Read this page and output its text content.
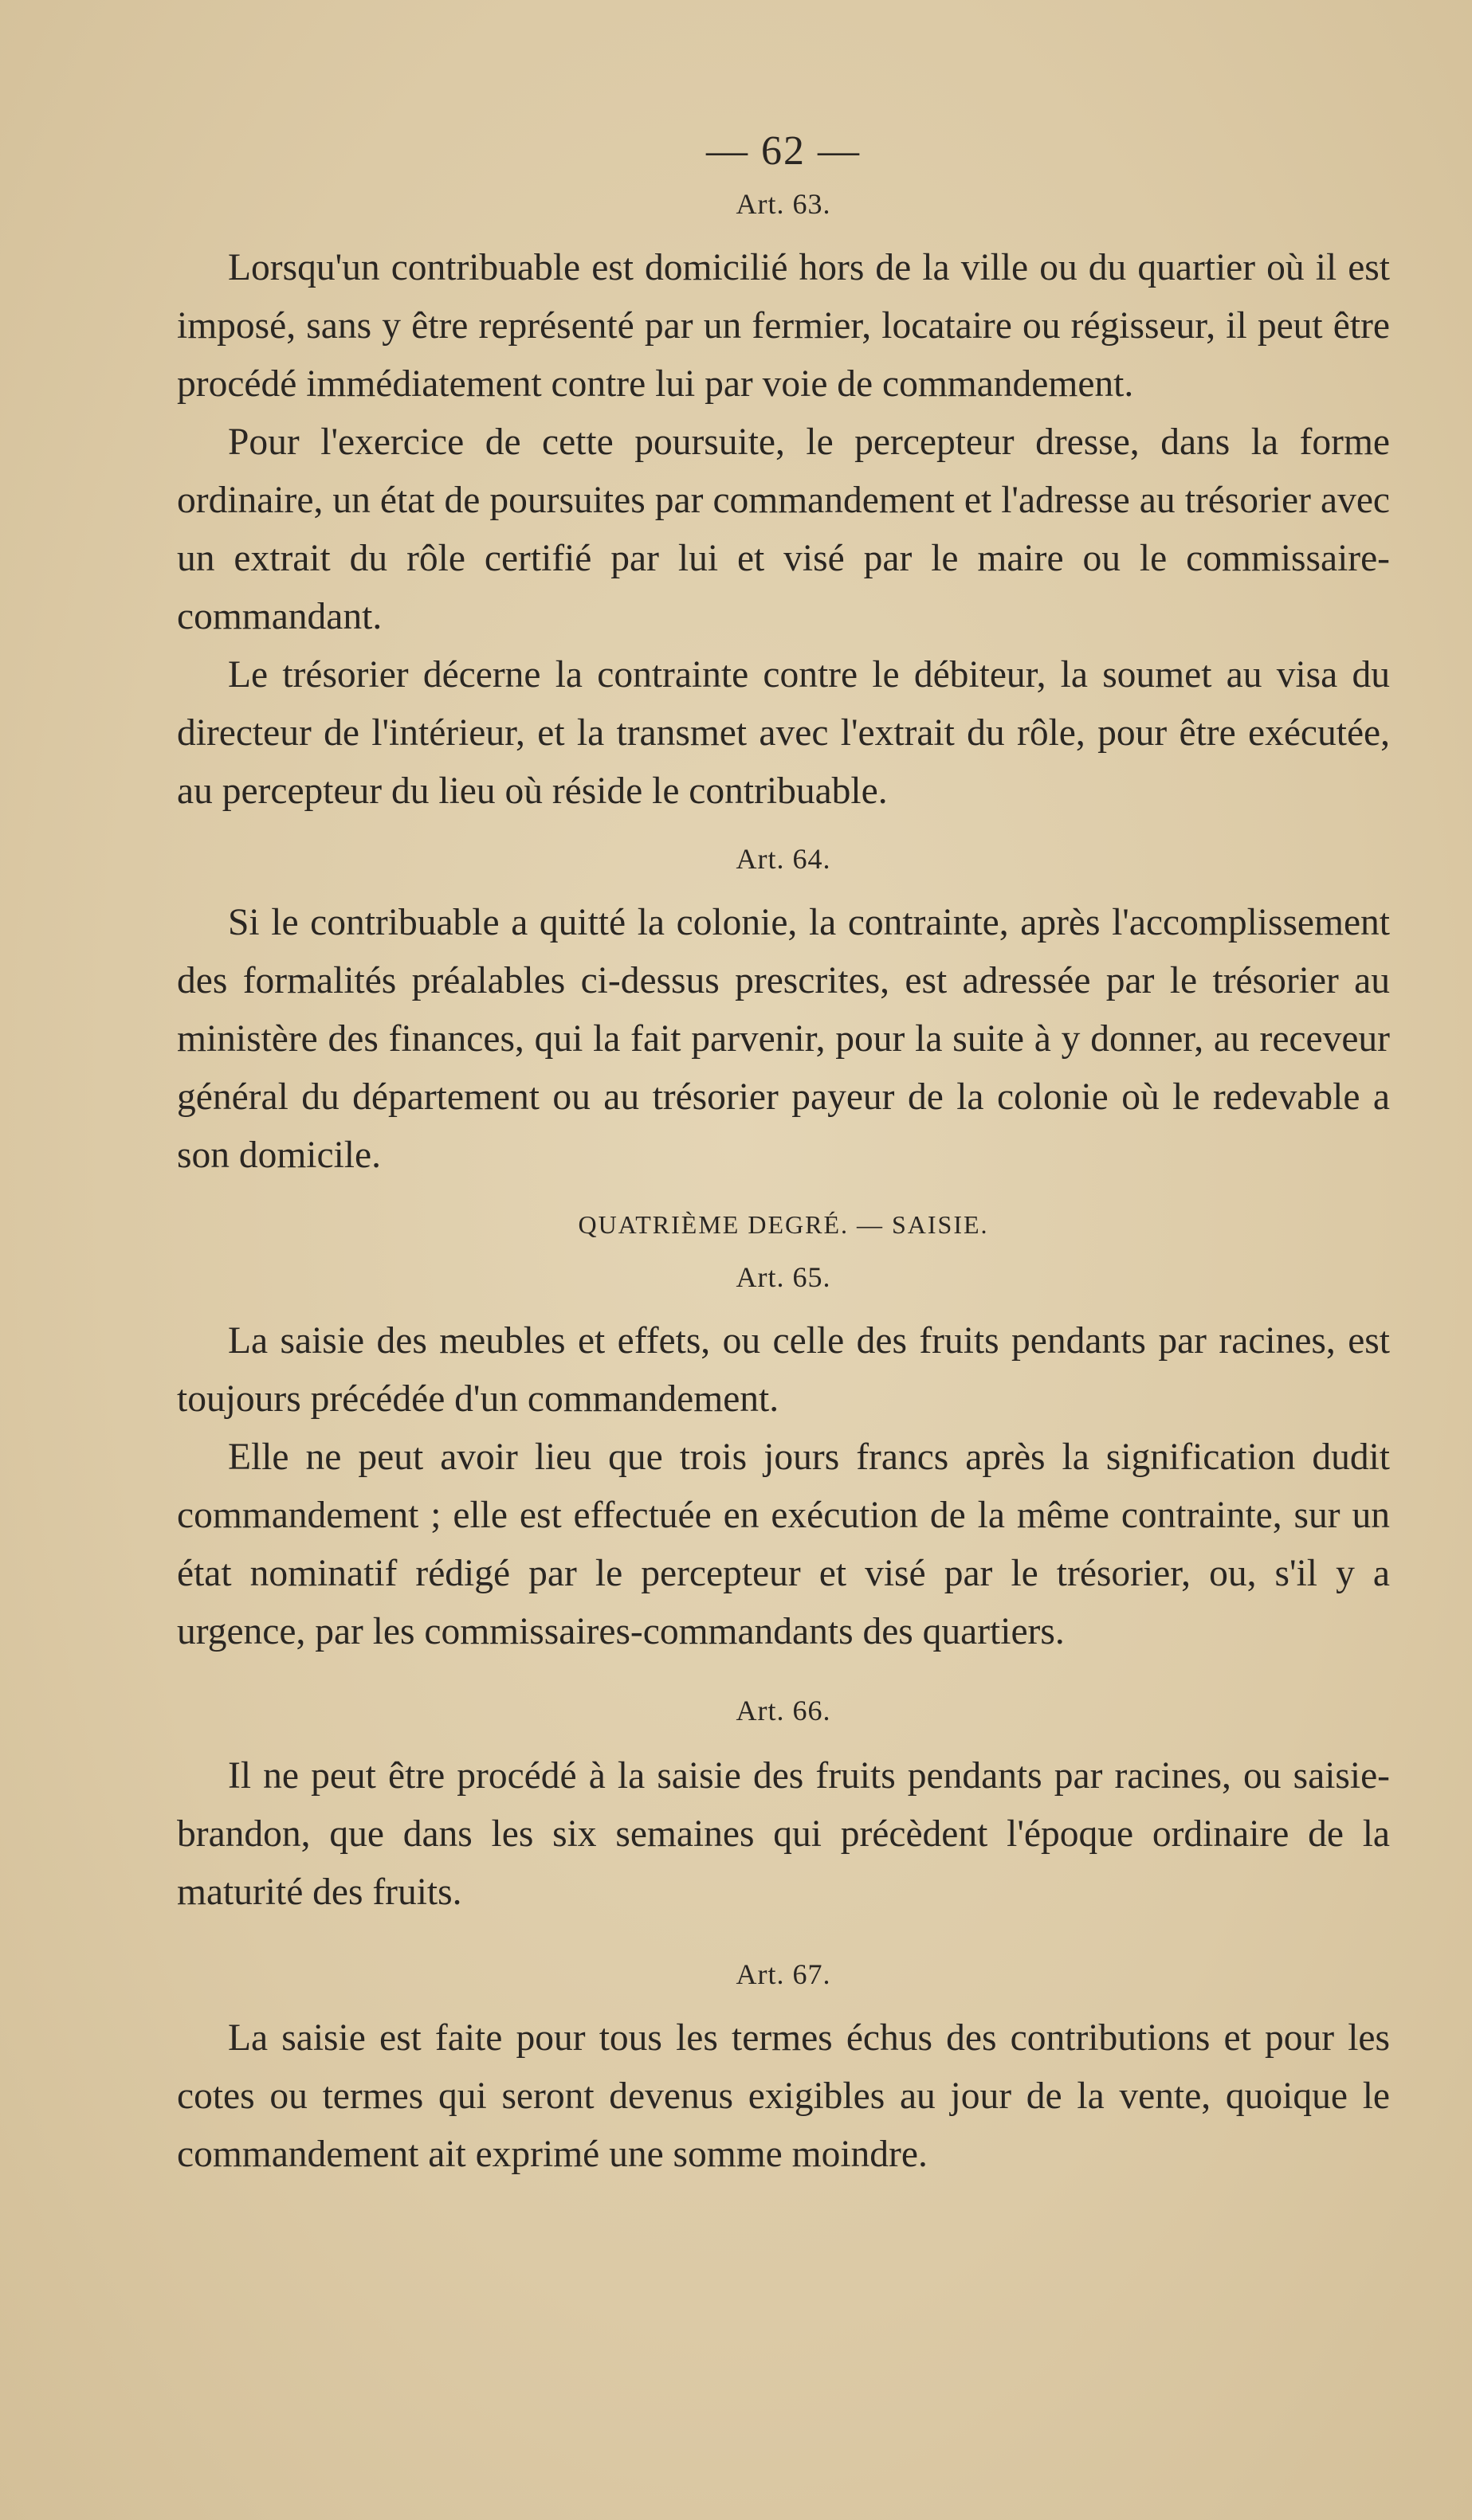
— 62 —
Art. 63.

Lorsqu'un contribuable est domicilié hors de la ville ou du quartier où il est imposé, sans y être représenté par un fermier, locataire ou régisseur, il peut être procédé immédiatement contre lui par voie de commandement.

Pour l'exercice de cette poursuite, le percepteur dresse, dans la forme ordinaire, un état de poursuites par commandement et l'adresse au trésorier avec un extrait du rôle certifié par lui et visé par le maire ou le commissaire-commandant.

Le trésorier décerne la contrainte contre le débiteur, la soumet au visa du directeur de l'intérieur, et la transmet avec l'extrait du rôle, pour être exécutée, au percepteur du lieu où réside le contribuable.

Art. 64.

Si le contribuable a quitté la colonie, la contrainte, après l'accomplissement des formalités préalables ci-dessus prescrites, est adressée par le trésorier au ministère des finances, qui la fait parvenir, pour la suite à y donner, au receveur général du département ou au trésorier payeur de la colonie où le redevable a son domicile.

QUATRIÈME DEGRÉ. — SAISIE.
Art. 65.

La saisie des meubles et effets, ou celle des fruits pendants par racines, est toujours précédée d'un commandement.

Elle ne peut avoir lieu que trois jours francs après la signification dudit commandement ; elle est effectuée en exécution de la même contrainte, sur un état nominatif rédigé par le percepteur et visé par le trésorier, ou, s'il y a urgence, par les commissaires-commandants des quartiers.

Art. 66.

Il ne peut être procédé à la saisie des fruits pendants par racines, ou saisie-brandon, que dans les six semaines qui précèdent l'époque ordinaire de la maturité des fruits.

Art. 67.

La saisie est faite pour tous les termes échus des contributions et pour les cotes ou termes qui seront devenus exigibles au jour de la vente, quoique le commandement ait exprimé une somme moindre.
